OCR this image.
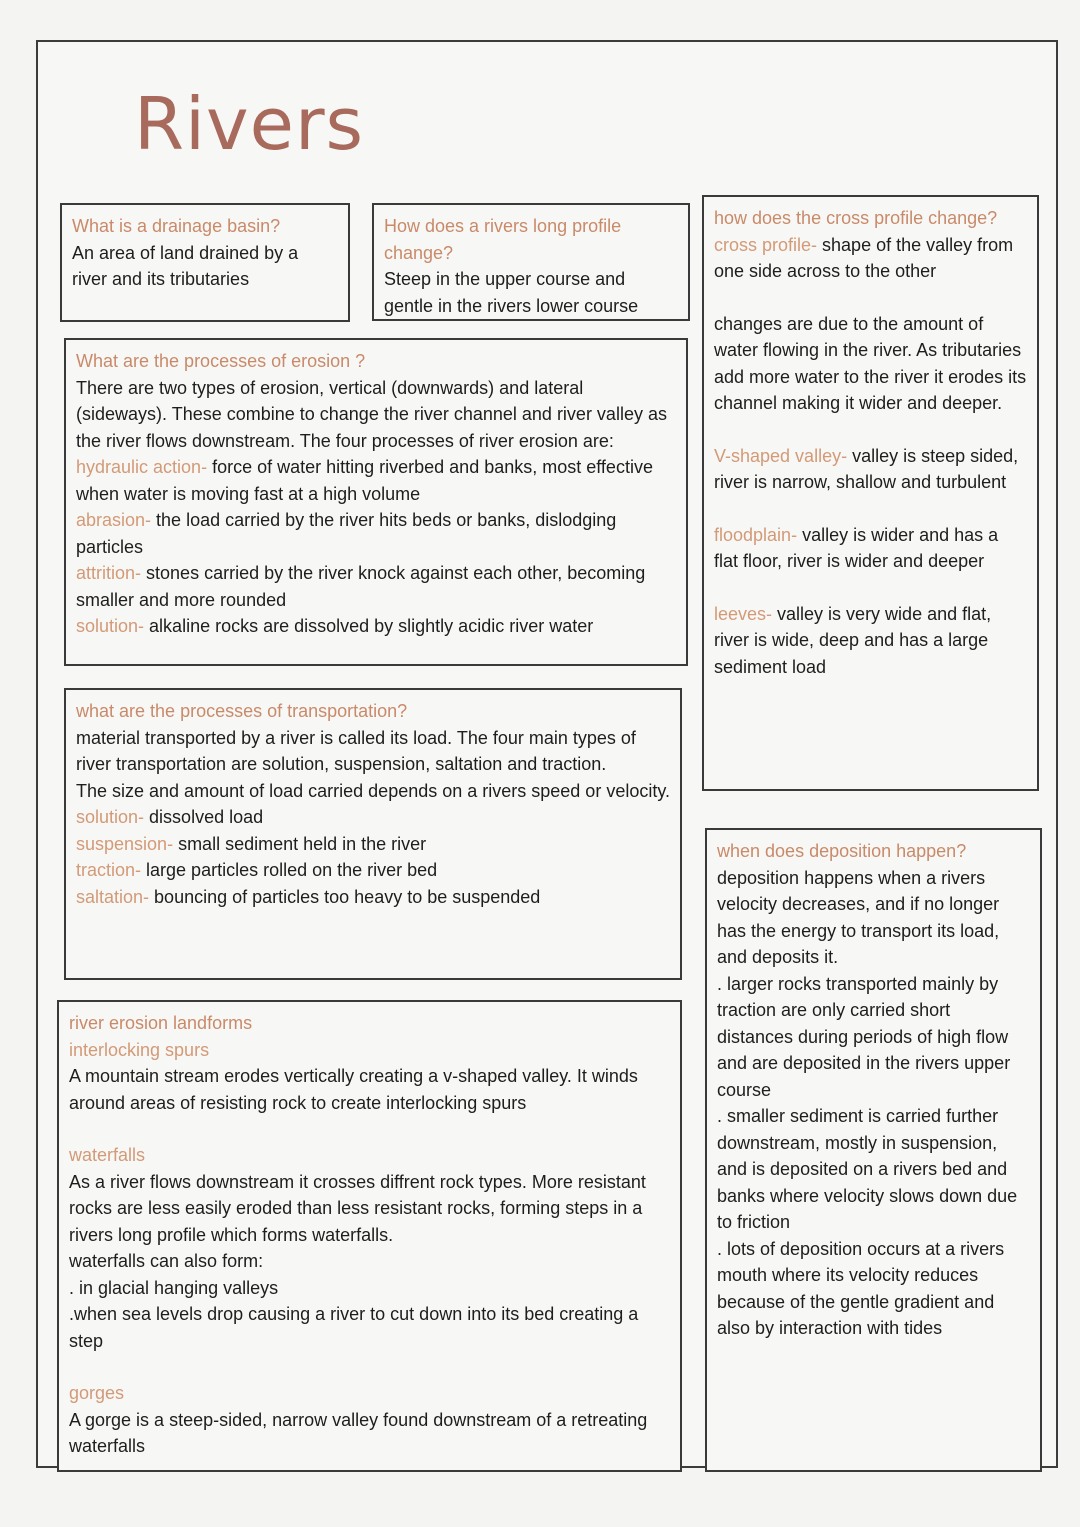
Rivers

What is a drainage basin?

An area of land drained by a river and its tributaries

How does a rivers long profile change?

Steep in the upper course and gentle in the rivers lower course

how does the cross profile change?

cross profile- shape of the valley from one side across to the other

changes are due to the amount of water flowing in the river. As tributaries add more water to the river it erodes its channel making it wider and deeper.

V-shaped valley- valley is steep sided, river is narrow, shallow and turbulent

floodplain- valley is wider and has a flat floor, river is wider and deeper

leeves- valley is very wide and flat, river is wide, deep and has a large sediment load

What are the processes of erosion ?

There are two types of erosion, vertical (downwards) and lateral (sideways). These combine to change the river channel and river valley as the river flows downstream. The four processes of river erosion are:

hydraulic action- force of water hitting riverbed and banks, most effective when water is moving fast at a high volume

abrasion- the load carried by the river hits beds or banks, dislodging particles

attrition- stones carried by the river knock against each other, becoming smaller and more rounded

solution- alkaline rocks are dissolved by slightly acidic river water

what are the processes of transportation?

material transported by a river is called its load. The four main types of river transportation are solution, suspension, saltation and traction.

The size and amount of load carried depends on a rivers speed or velocity.

solution- dissolved load

suspension- small sediment held in the river

traction- large particles rolled on the river bed

saltation- bouncing of particles too heavy to be suspended

river erosion landforms

interlocking spurs

A mountain stream erodes vertically creating a v-shaped valley. It winds around areas of resisting rock to create interlocking spurs

waterfalls

As a river flows downstream it crosses diffrent rock types. More resistant rocks are less easily eroded than less resistant rocks, forming steps in a rivers long profile which forms waterfalls.

waterfalls can also form:

. in glacial hanging valleys

.when sea levels drop causing a river to cut down into its bed creating a step

gorges

A gorge is a steep-sided, narrow valley found downstream of a retreating waterfalls

when does deposition happen?

deposition happens when a rivers velocity decreases, and if no longer has the energy to transport its load, and deposits it.

. larger rocks transported mainly by traction are only carried short distances during periods of high flow and are deposited in the rivers upper course

. smaller sediment is carried further downstream, mostly in suspension, and is deposited on a rivers bed and banks where velocity slows down due to friction

. lots of deposition occurs at a rivers mouth where its velocity reduces because of the gentle gradient and also by interaction with tides
